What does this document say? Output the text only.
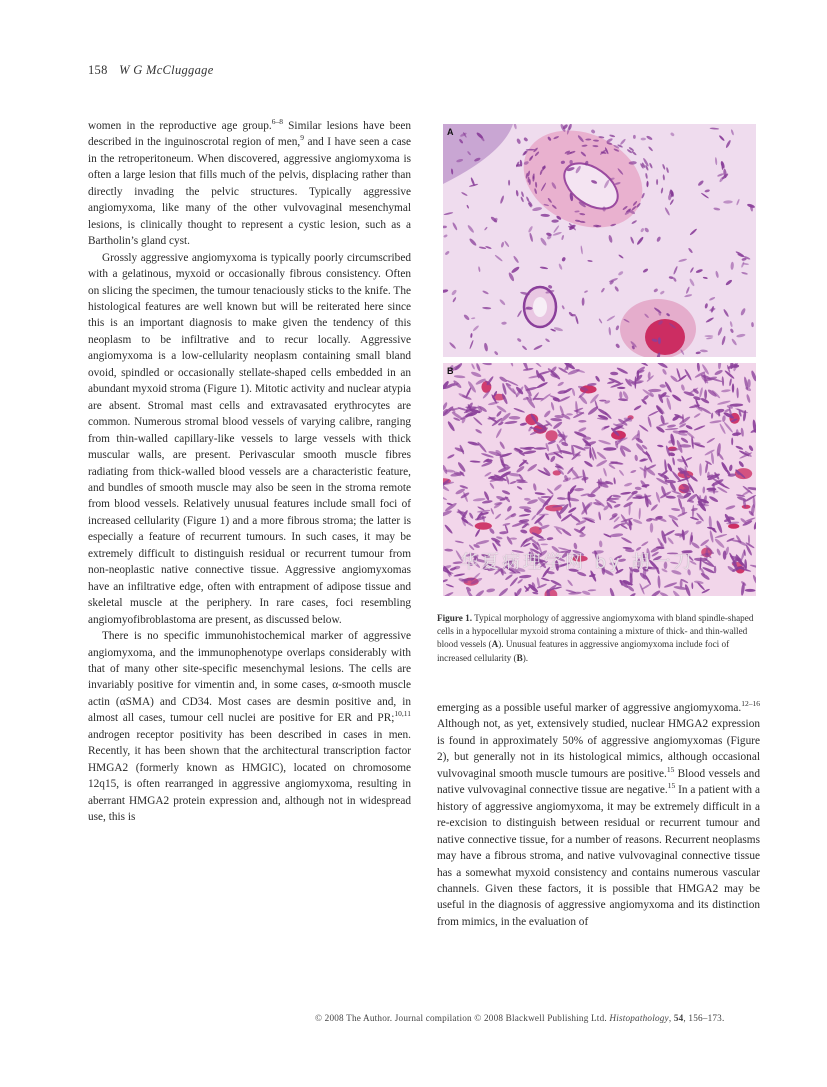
158 W G McCluggage

women in the reproductive age group.$^{6-8}$ Similar lesions have been described in the inguinoscrotal region of men,$^9$ and I have seen a case in the retroperitoneum. When discovered, aggressive angiomyxoma is often a large lesion that fills much of the pelvis, displacing rather than directly invading the pelvic structures. Typically aggressive angiomyxoma, like many of the other vulvovaginal mesenchymal lesions, is clinically thought to represent a cystic lesion, such as a Bartholin’s gland cyst.

Grossly aggressive angiomyxoma is typically poorly circumscribed with a gelatinous, myxoid or occasionally fibrous consistency. Often on slicing the specimen, the tumour tenaciously sticks to the knife. The histological features are well known but will be reiterated here since this is an important diagnosis to make given the tendency of this neoplasm to be infiltrative and to recur locally. Aggressive angiomyxoma is a low-cellularity neoplasm containing small bland ovoid, spindled or occasionally stellate-shaped cells embedded in an abundant myxoid stroma (Figure 1). Mitotic activity and nuclear atypia are absent. Stromal mast cells and extravasated erythrocytes are common. Numerous stromal blood vessels of varying calibre, ranging from thin-walled capillary-like vessels to large vessels with thick muscular walls, are present. Perivascular smooth muscle fibres radiating from thick-walled blood vessels are a characteristic feature, and bundles of smooth muscle may also be seen in the stroma remote from blood vessels. Relatively unusual features include small foci of increased cellularity (Figure 1) and a more fibrous stroma; the latter is especially a feature of recurrent tumours. In such cases, it may be extremely difficult to distinguish residual or recurrent tumour from non-neoplastic native connective tissue. Aggressive angiomyxomas have an infiltrative edge, often with entrapment of adipose tissue and skeletal muscle at the periphery. In rare cases, foci resembling angiomyofibroblastoma are present, as discussed below.

There is no specific immunohistochemical marker of aggressive angiomyxoma, and the immunophenotype overlaps considerably with that of many other site-specific mesenchymal lesions. The cells are invariably positive for vimentin and, in some cases, α-smooth muscle actin (αSMA) and CD34. Most cases are desmin positive and, in almost all cases, tumour cell nuclei are positive for ER and PR;$^{10,11}$ androgen receptor positivity has been described in cases in men. Recently, it has been shown that the architectural transcription factor HMGA2 (formerly known as HMGIC), located on chromosome 12q15, is often rearranged in aggressive angiomyxoma, resulting in aberrant HMGA2 protein expression and, although not in widespread use, this is

A
B
华夏病理学网 by 胡一刀
Figure 1. Typical morphology of aggressive angiomyxoma with bland spindle-shaped cells in a hypocellular myxoid stroma containing a mixture of thick- and thin-walled blood vessels (A). Unusual features in aggressive angiomyxoma include foci of increased cellularity (B).

emerging as a possible useful marker of aggressive angiomyxoma.$^{12-16}$ Although not, as yet, extensively studied, nuclear HMGA2 expression is found in approximately 50% of aggressive angiomyxomas (Figure 2), but generally not in its histological mimics, although occasional vulvovaginal smooth muscle tumours are positive.$^{15}$ Blood vessels and native vulvovaginal connective tissue are negative.$^{15}$ In a patient with a history of aggressive angiomyxoma, it may be extremely difficult in a re-excision to distinguish between residual or recurrent tumour and native connective tissue, for a number of reasons. Recurrent neoplasms may have a fibrous stroma, and native vulvovaginal connective tissue has a somewhat myxoid consistency and contains numerous vascular channels. Given these factors, it is possible that HMGA2 may be useful in the diagnosis of aggressive angiomyxoma and its distinction from mimics, in the evaluation of

© 2008 The Author. Journal compilation © 2008 Blackwell Publishing Ltd. Histopathology, 54, 156–173.
